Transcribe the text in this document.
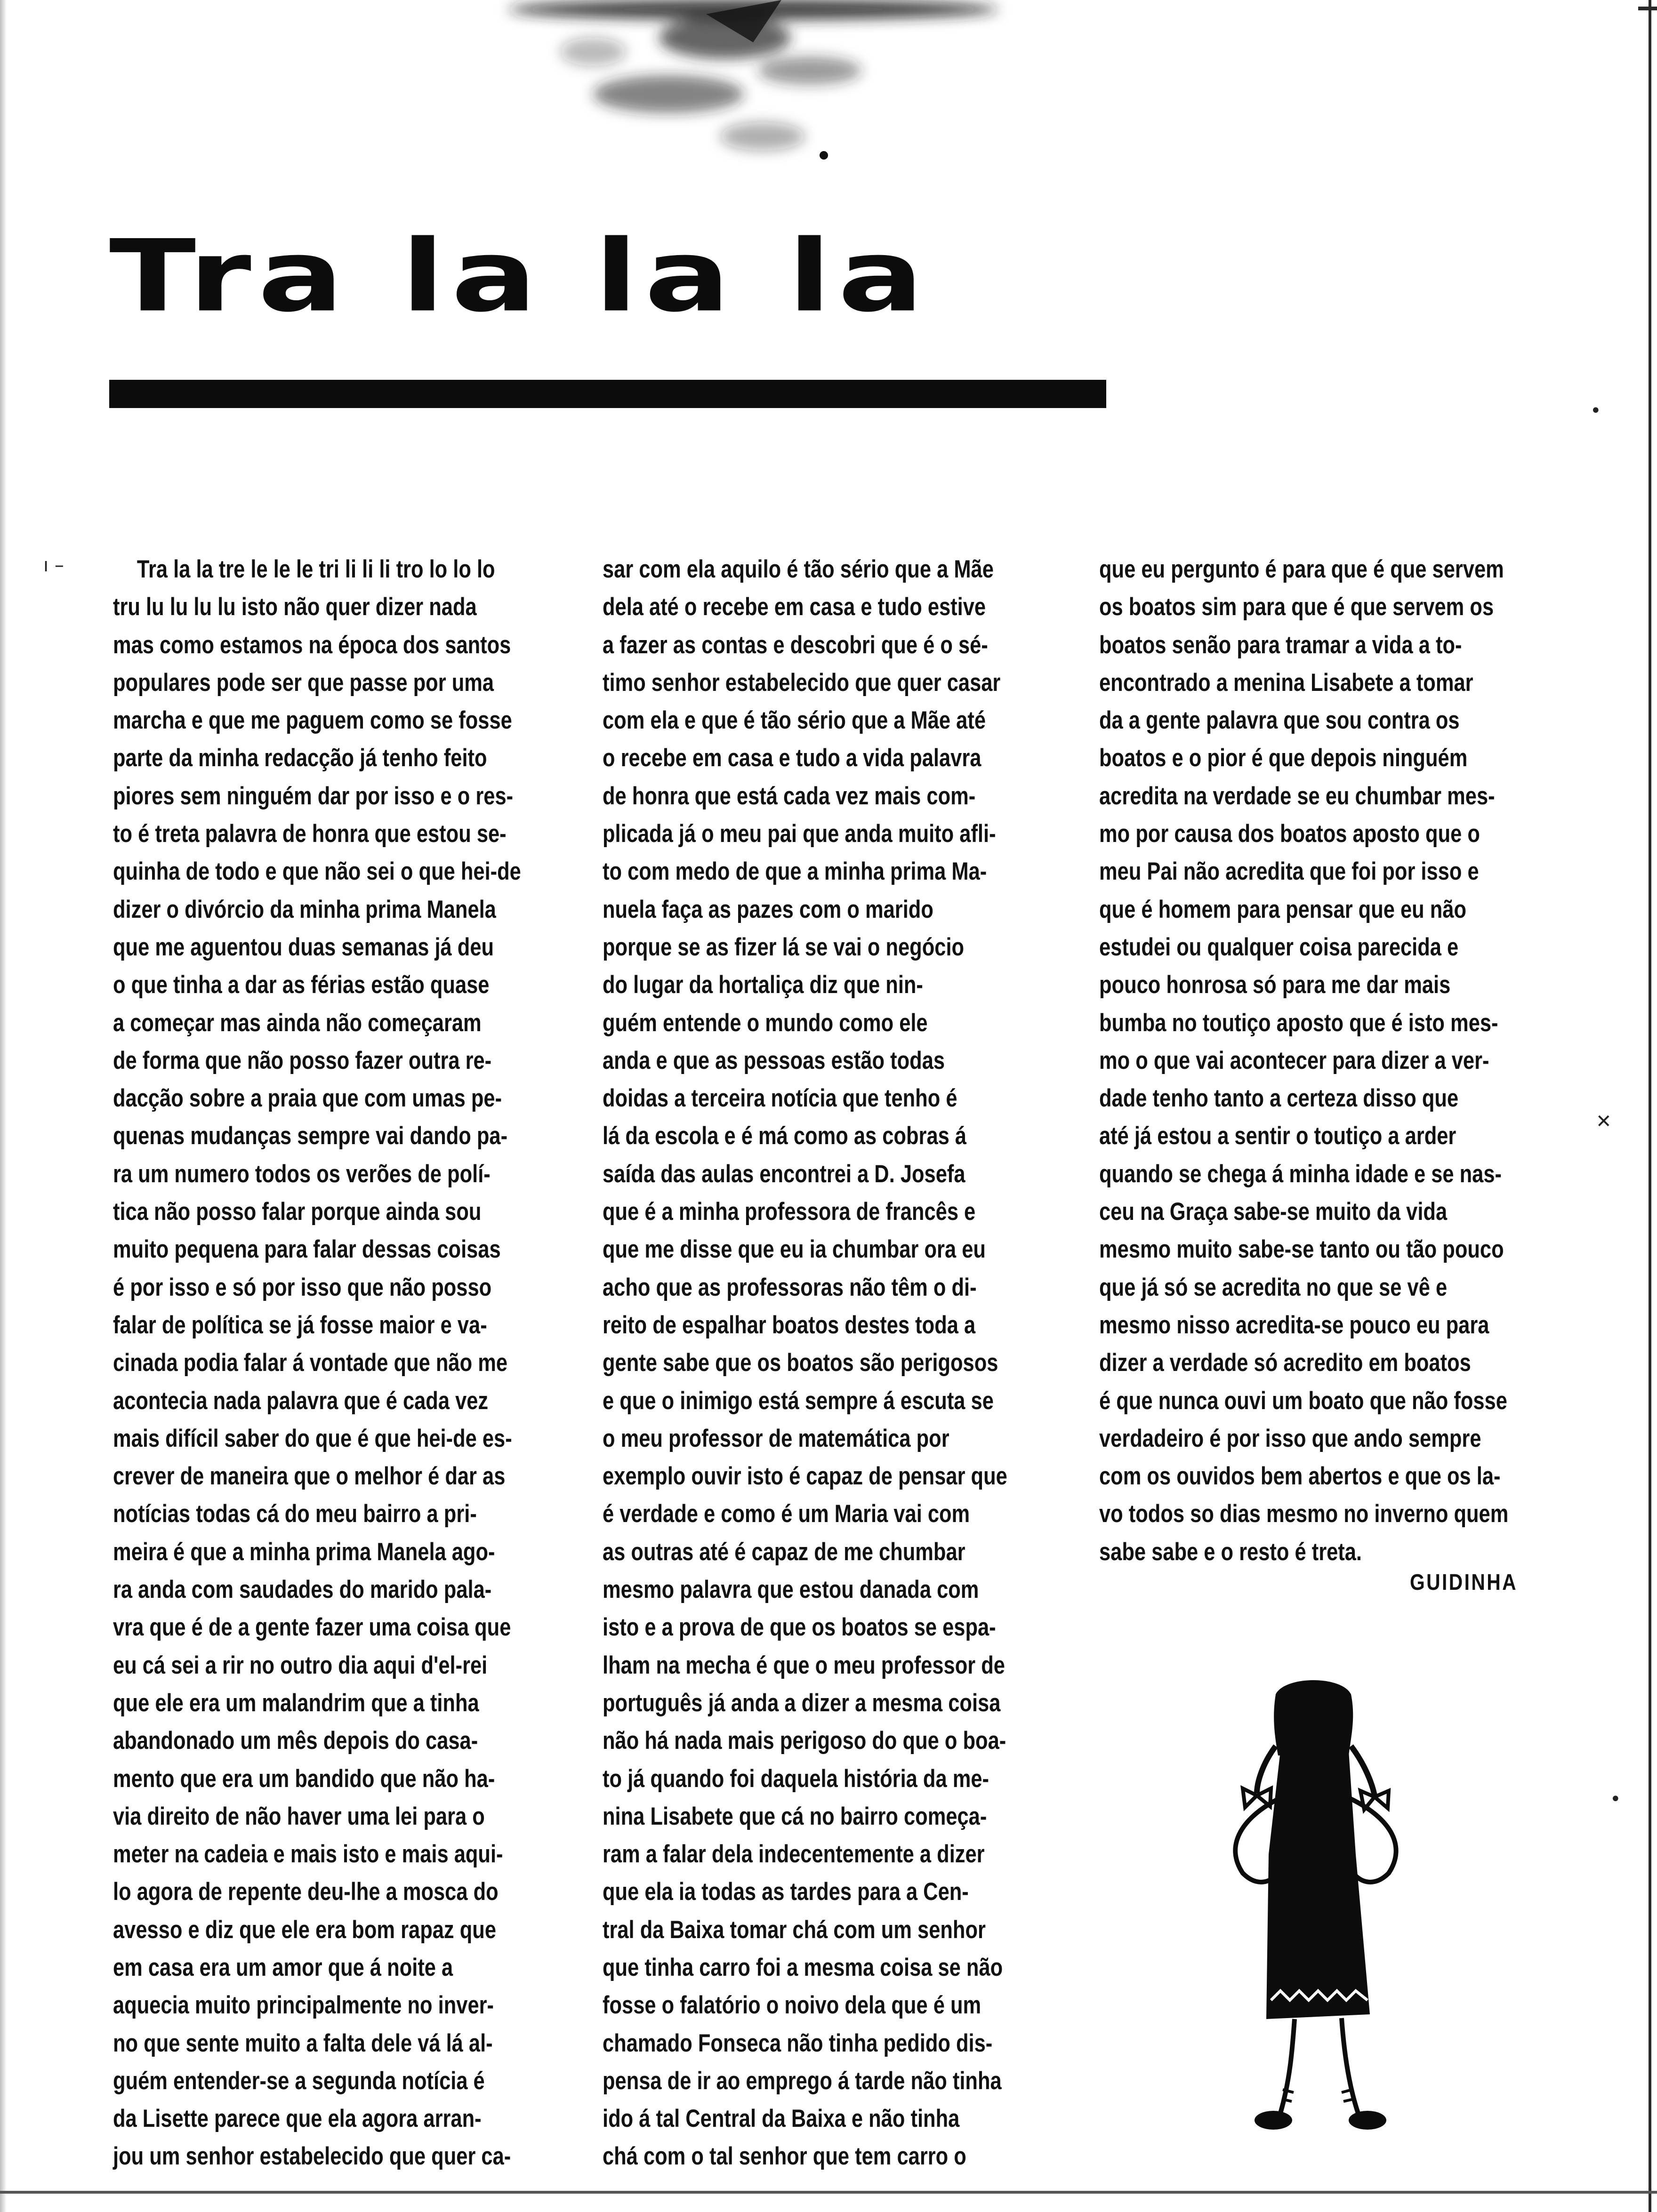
Tra la la la
Tra la la tre le le le tri li li li tro lo lo lo
tru lu lu lu lu isto não quer dizer nada
mas como estamos na época dos santos
populares pode ser que passe por uma
marcha e que me paguem como se fosse
parte da minha redacção já tenho feito
piores sem ninguém dar por isso e o res-
to é treta palavra de honra que estou se-
quinha de todo e que não sei o que hei-de
dizer o divórcio da minha prima Manela
que me aguentou duas semanas já deu
o que tinha a dar as férias estão quase
a começar mas ainda não começaram
de forma que não posso fazer outra re-
dacção sobre a praia que com umas pe-
quenas mudanças sempre vai dando pa-
ra um numero todos os verões de polí-
tica não posso falar porque ainda sou
muito pequena para falar dessas coisas
é por isso e só por isso que não posso
falar de política se já fosse maior e va-
cinada podia falar á vontade que não me
acontecia nada palavra que é cada vez
mais difícil saber do que é que hei-de es-
crever de maneira que o melhor é dar as
notícias todas cá do meu bairro a pri-
meira é que a minha prima Manela ago-
ra anda com saudades do marido pala-
vra que é de a gente fazer uma coisa que
eu cá sei a rir no outro dia aqui d'el-rei
que ele era um malandrim que a tinha
abandonado um mês depois do casa-
mento que era um bandido que não ha-
via direito de não haver uma lei para o
meter na cadeia e mais isto e mais aqui-
lo agora de repente deu-lhe a mosca do
avesso e diz que ele era bom rapaz que
em casa era um amor que á noite a
aquecia muito principalmente no inver-
no que sente muito a falta dele vá lá al-
guém entender-se a segunda notícia é
da Lisette parece que ela agora arran-
jou um senhor estabelecido que quer ca-
sar com ela aquilo é tão sério que a Mãe
dela até o recebe em casa e tudo estive
a fazer as contas e descobri que é o sé-
timo senhor estabelecido que quer casar
com ela e que é tão sério que a Mãe até
o recebe em casa e tudo a vida palavra
de honra que está cada vez mais com-
plicada já o meu pai que anda muito afli-
to com medo de que a minha prima Ma-
nuela faça as pazes com o marido
porque se as fizer lá se vai o negócio
do lugar da hortaliça diz que nin-
guém entende o mundo como ele
anda e que as pessoas estão todas
doidas a terceira notícia que tenho é
lá da escola e é má como as cobras á
saída das aulas encontrei a D. Josefa
que é a minha professora de francês e
que me disse que eu ia chumbar ora eu
acho que as professoras não têm o di-
reito de espalhar boatos destes toda a
gente sabe que os boatos são perigosos
e que o inimigo está sempre á escuta se
o meu professor de matemática por
exemplo ouvir isto é capaz de pensar que
é verdade e como é um Maria vai com
as outras até é capaz de me chumbar
mesmo palavra que estou danada com
isto e a prova de que os boatos se espa-
lham na mecha é que o meu professor de
português já anda a dizer a mesma coisa
não há nada mais perigoso do que o boa-
to já quando foi daquela história da me-
nina Lisabete que cá no bairro começa-
ram a falar dela indecentemente a dizer
que ela ia todas as tardes para a Cen-
tral da Baixa tomar chá com um senhor
que tinha carro foi a mesma coisa se não
fosse o falatório o noivo dela que é um
chamado Fonseca não tinha pedido dis-
pensa de ir ao emprego á tarde não tinha
ido á tal Central da Baixa e não tinha
chá com o tal senhor que tem carro o
que eu pergunto é para que é que servem
os boatos sim para que é que servem os
boatos senão para tramar a vida a to-
encontrado a menina Lisabete a tomar
da a gente palavra que sou contra os
boatos e o pior é que depois ninguém
acredita na verdade se eu chumbar mes-
mo por causa dos boatos aposto que o
meu Pai não acredita que foi por isso e
que é homem para pensar que eu não
estudei ou qualquer coisa parecida e
pouco honrosa só para me dar mais
bumba no toutiço aposto que é isto mes-
mo o que vai acontecer para dizer a ver-
dade tenho tanto a certeza disso que
até já estou a sentir o toutiço a arder
quando se chega á minha idade e se nas-
ceu na Graça sabe-se muito da vida
mesmo muito sabe-se tanto ou tão pouco
que já só se acredita no que se vê e
mesmo nisso acredita-se pouco eu para
dizer a verdade só acredito em boatos
é que nunca ouvi um boato que não fosse
verdadeiro é por isso que ando sempre
com os ouvidos bem abertos e que os la-
vo todos so dias mesmo no inverno quem
sabe sabe e o resto é treta.
GUIDINHA
ı –
•
✕
•
